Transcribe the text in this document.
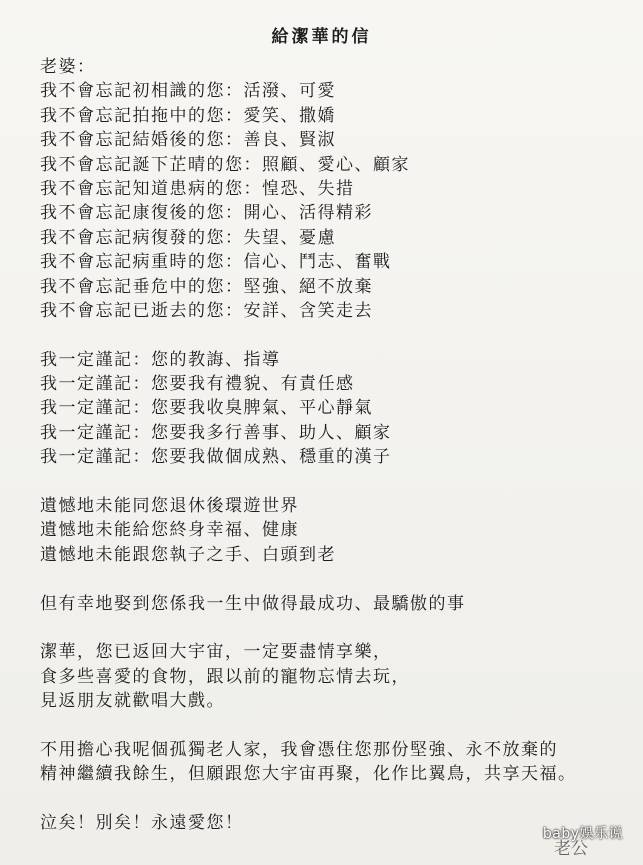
給潔華的信
老婆：
我不會忘記初相識的您：活潑、可愛
我不會忘記拍拖中的您：愛笑、撒嬌
我不會忘記結婚後的您：善良、賢淑
我不會忘記誕下芷晴的您：照顧、愛心、顧家
我不會忘記知道患病的您：惶恐、失措
我不會忘記康復後的您：開心、活得精彩
我不會忘記病復發的您：失望、憂慮
我不會忘記病重時的您：信心、鬥志、奮戰
我不會忘記垂危中的您：堅強、絕不放棄
我不會忘記已逝去的您：安詳、含笑走去
我一定謹記：您的教誨、指導
我一定謹記：您要我有禮貌、有責任感
我一定謹記：您要我收臭脾氣、平心靜氣
我一定謹記：您要我多行善事、助人、顧家
我一定謹記：您要我做個成熟、穩重的漢子
遺憾地未能同您退休後環遊世界
遺憾地未能給您終身幸福、健康
遺憾地未能跟您執子之手、白頭到老
但有幸地娶到您係我一生中做得最成功、最驕傲的事
潔華，您已返回大宇宙，一定要盡情享樂，
食多些喜愛的食物，跟以前的寵物忘情去玩，
見返朋友就歡唱大戲。
不用擔心我呢個孤獨老人家，我會憑住您那份堅強、永不放棄的
精神繼續我餘生，但願跟您大宇宙再聚，化作比翼鳥，共享天福。
泣矣！別矣！永遠愛您！
老公
baby娛乐说
